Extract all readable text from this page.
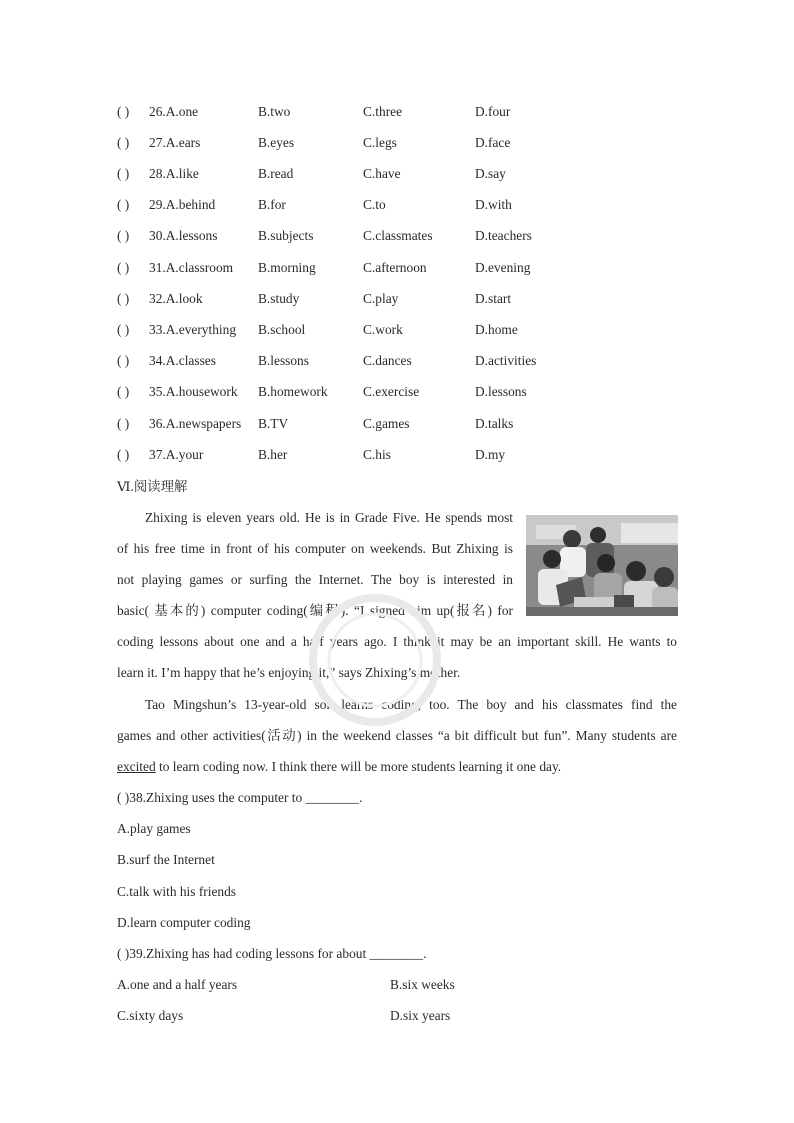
( ) 26.A.one	B.two	C.three	D.four
( ) 27.A.ears	B.eyes	C.legs	D.face
( ) 28.A.like	B.read	C.have	D.say
( ) 29.A.behind	B.for	C.to	D.with
( ) 30.A.lessons	B.subjects	C.classmates	D.teachers
( ) 31.A.classroom B.morning	C.afternoon	D.evening
( ) 32.A.look	B.study	C.play	D.start
( ) 33.A.everything B.school	C.work	D.home
( ) 34.A.classes	B.lessons	C.dances	D.activities
( ) 35.A.housework B.homework	C.exercise	D.lessons
( ) 36.A.newspapers B.TV	C.games	D.talks
( ) 37.A.your	B.her	C.his	D.my
Ⅵ.阅读理解
Zhixing is eleven years old. He is in Grade Five. He spends most
of his free time in front of his computer on weekends. But Zhixing is
not playing games or surfing the Internet. The boy is interested in
basic( 基本的) computer coding(编程). “I signed him up(报名) for
coding lessons about one and a half years ago. I think it may be an important skill. He wants to
learn it. I’m happy that he’s enjoying it,” says Zhixing’s mother.
Tao Mingshun’s 13-year-old son learns coding, too. The boy and his classmates find the
games and other activities(活动) in the weekend classes “a bit difficult but fun”. Many students are
excited to learn coding now. I think there will be more students learning it one day.
( )38.Zhixing uses the computer to ________.
A.play games
B.surf the Internet
C.talk with his friends
D.learn computer coding
( )39.Zhixing has had coding lessons for about ________.
A.one and a half years	B.six weeks
C.sixty days	D.six years
